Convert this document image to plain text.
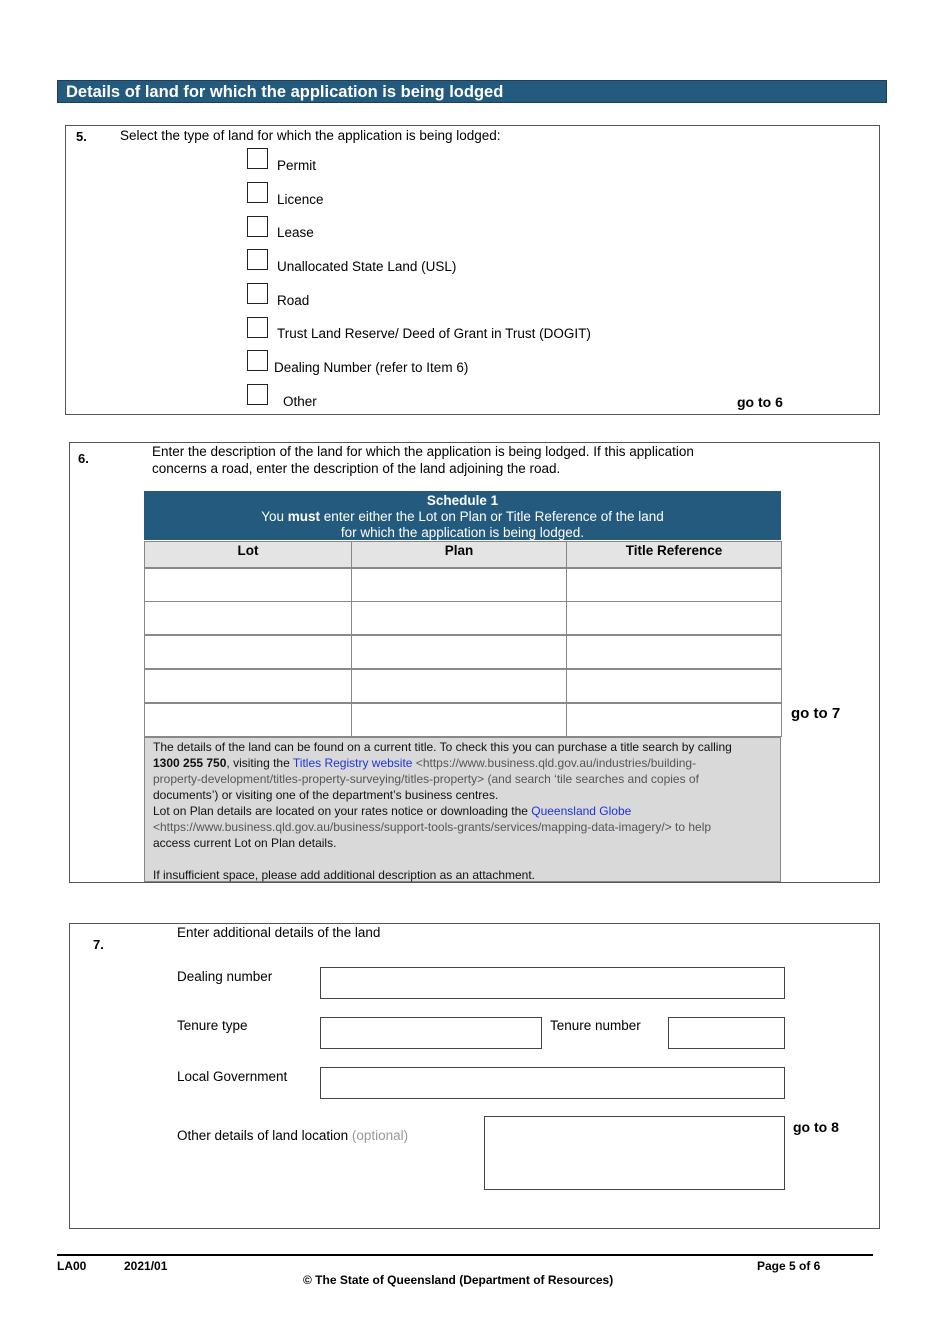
Details of land for which the application is being lodged
5. Select the type of land for which the application is being lodged:
Permit
Licence
Lease
Unallocated State Land (USL)
Road
Trust Land Reserve/ Deed of Grant in Trust (DOGIT)
Dealing Number (refer to Item 6)
Other	go to 6
6.	Enter the description of the land for which the application is being lodged. If this application
concerns a road, enter the description of the land adjoining the road.
Schedule 1
You must enter either the Lot on Plan or Title Reference of the land
for which the application is being lodged.
Lot	Plan	Title Reference
go to 7
The details of the land can be found on a current title. To check this you can purchase a title search by calling
1300 255 750, visiting the Titles Registry website <https://www.business.qld.gov.au/industries/building-
property-development/titles-property-surveying/titles-property> (and search ‘tile searches and copies of
documents’) or visiting one of the department’s business centres.
Lot on Plan details are located on your rates notice or downloading the Queensland Globe
<https://www.business.qld.gov.au/business/support-tools-grants/services/mapping-data-imagery/> to help
access current Lot on Plan details.
If insufficient space, please add additional description as an attachment.
7.
Enter additional details of the land
Dealing number
Tenure type	Tenure number
Local Government
Other details of land location (optional)
go to 8
LA00	2021/01	Page 5 of 6
© The State of Queensland (Department of Resources)
